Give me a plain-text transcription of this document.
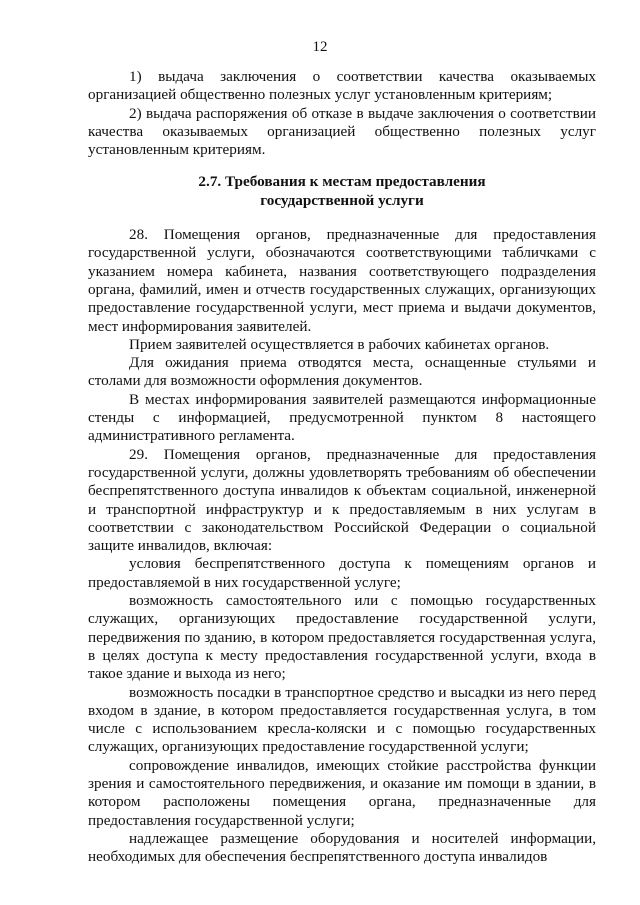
12

1) выдача заключения о соответствии качества оказываемых организацией общественно полезных услуг установленным критериям;

2) выдача распоряжения об отказе в выдаче заключения о соответствии качества оказываемых организацией общественно полезных услуг установленным критериям.

2.7. Требования к местам предоставления
государственной услуги

28. Помещения органов, предназначенные для предоставления государственной услуги, обозначаются соответствующими табличками с указанием номера кабинета, названия соответствующего подразделения органа, фамилий, имен и отчеств государственных служащих, организующих предоставление государственной услуги, мест приема и выдачи документов, мест информирования заявителей.

Прием заявителей осуществляется в рабочих кабинетах органов.

Для ожидания приема отводятся места, оснащенные стульями и столами для возможности оформления документов.

В местах информирования заявителей размещаются информационные стенды с информацией, предусмотренной пунктом 8 настоящего административного регламента.

29. Помещения органов, предназначенные для предоставления государственной услуги, должны удовлетворять требованиям об обеспечении беспрепятственного доступа инвалидов к объектам социальной, инженерной и транспортной инфраструктур и к предоставляемым в них услугам в соответствии с законодательством Российской Федерации о социальной защите инвалидов, включая:

условия беспрепятственного доступа к помещениям органов и предоставляемой в них государственной услуге;

возможность самостоятельного или с помощью государственных служащих, организующих предоставление государственной услуги, передвижения по зданию, в котором предоставляется государственная услуга, в целях доступа к месту предоставления государственной услуги, входа в такое здание и выхода из него;

возможность посадки в транспортное средство и высадки из него перед входом в здание, в котором предоставляется государственная услуга, в том числе с использованием кресла-коляски и с помощью государственных служащих, организующих предоставление государственной услуги;

сопровождение инвалидов, имеющих стойкие расстройства функции зрения и самостоятельного передвижения, и оказание им помощи в здании, в котором расположены помещения органа, предназначенные для предоставления государственной услуги;

надлежащее размещение оборудования и носителей информации, необходимых для обеспечения беспрепятственного доступа инвалидов
